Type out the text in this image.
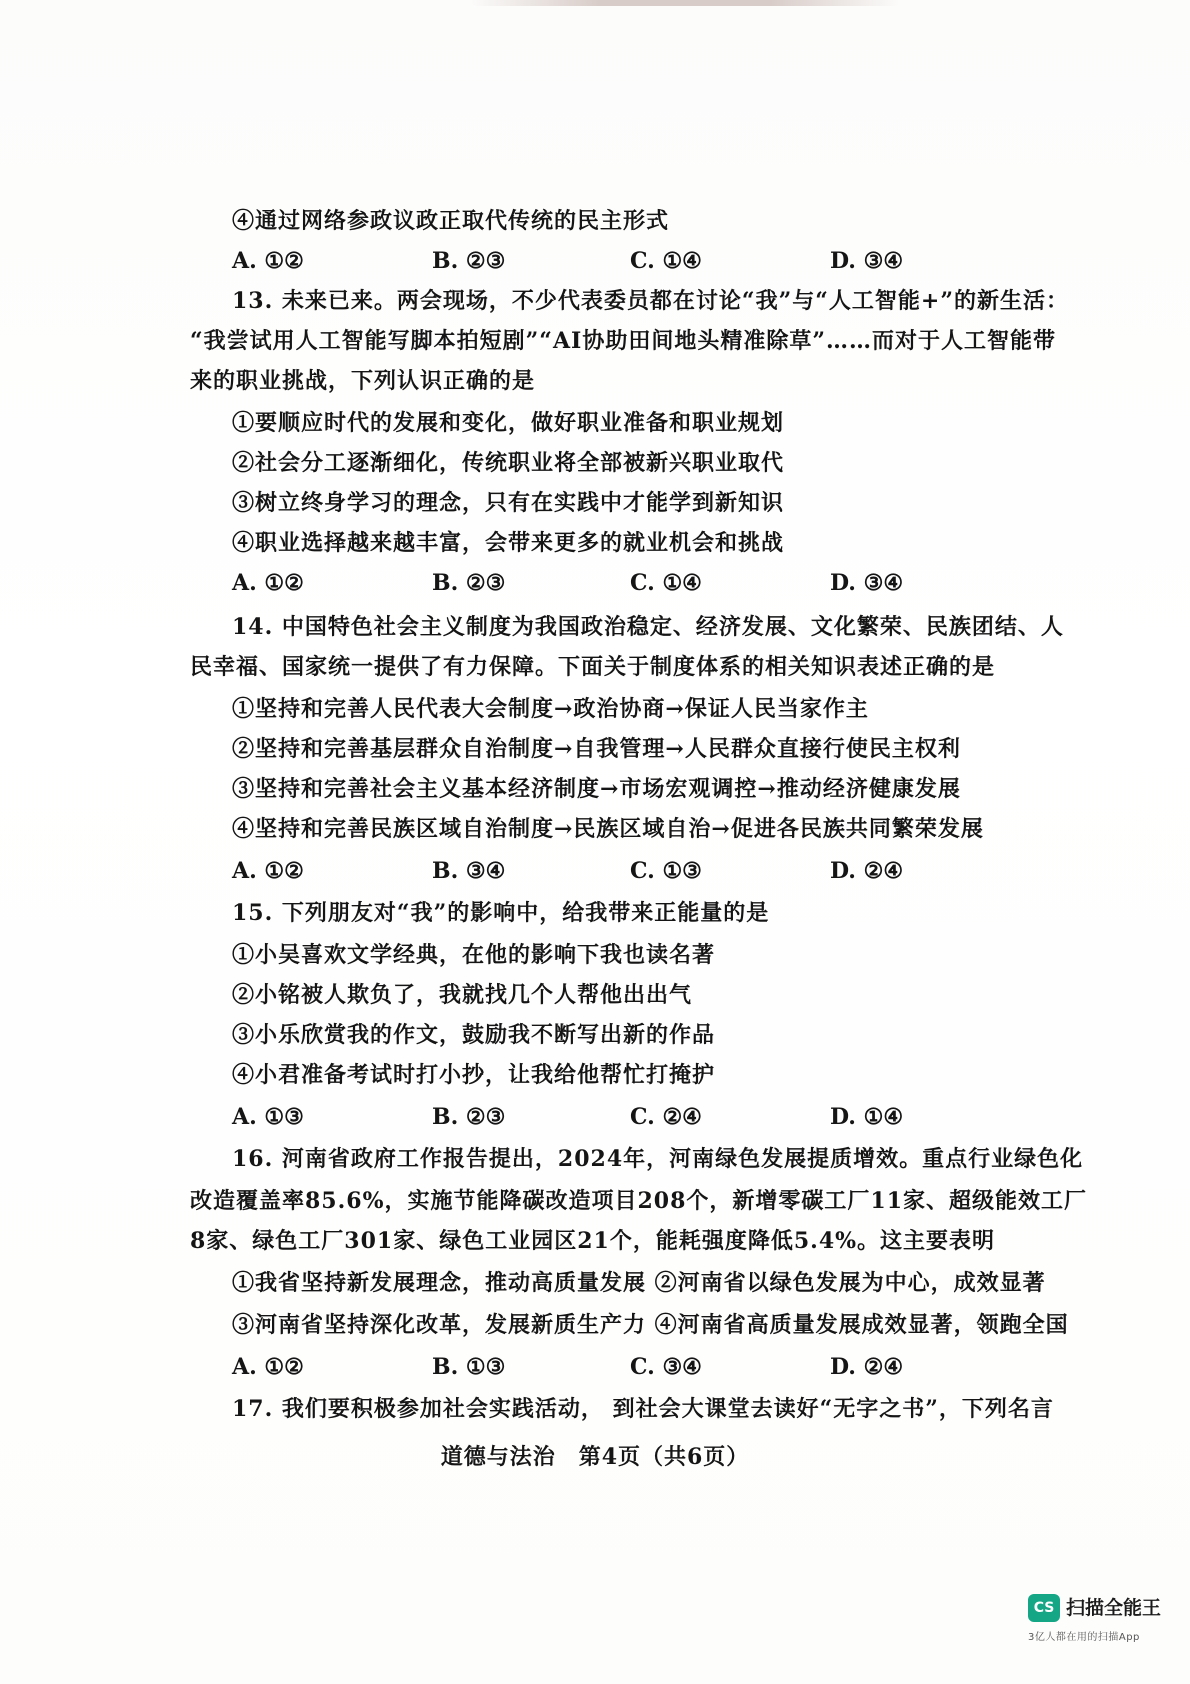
④通过网络参政议政正取代传统的民主形式
A. ①②	B. ②③	C. ①④	D. ③④
13. 未来已来。两会现场，不少代表委员都在讨论“我”与“人工智能+”的新生活：
“我尝试用人工智能写脚本拍短剧”“AI协助田间地头精准除草”……而对于人工智能带
来的职业挑战，下列认识正确的是
①要顺应时代的发展和变化，做好职业准备和职业规划
②社会分工逐渐细化，传统职业将全部被新兴职业取代
③树立终身学习的理念，只有在实践中才能学到新知识
④职业选择越来越丰富，会带来更多的就业机会和挑战
A. ①②	B. ②③	C. ①④	D. ③④
14. 中国特色社会主义制度为我国政治稳定、经济发展、文化繁荣、民族团结、人
民幸福、国家统一提供了有力保障。下面关于制度体系的相关知识表述正确的是
①坚持和完善人民代表大会制度→政治协商→保证人民当家作主
②坚持和完善基层群众自治制度→自我管理→人民群众直接行使民主权利
③坚持和完善社会主义基本经济制度→市场宏观调控→推动经济健康发展
④坚持和完善民族区域自治制度→民族区域自治→促进各民族共同繁荣发展
A. ①②	B. ③④	C. ①③	D. ②④
15. 下列朋友对“我”的影响中，给我带来正能量的是
①小吴喜欢文学经典，在他的影响下我也读名著
②小铭被人欺负了，我就找几个人帮他出出气
③小乐欣赏我的作文，鼓励我不断写出新的作品
④小君准备考试时打小抄，让我给他帮忙打掩护
A. ①③	B. ②③	C. ②④	D. ①④
16. 河南省政府工作报告提出，2024年，河南绿色发展提质增效。重点行业绿色化
改造覆盖率85.6%，实施节能降碳改造项目208个，新增零碳工厂11家、超级能效工厂
8家、绿色工厂301家、绿色工业园区21个，能耗强度降低5.4%。这主要表明
①我省坚持新发展理念，推动高质量发展 ②河南省以绿色发展为中心，成效显著
③河南省坚持深化改革，发展新质生产力 ④河南省高质量发展成效显著，领跑全国
A. ①②	B. ①③	C. ③④	D. ②④
17. 我们要积极参加社会实践活动， 到社会大课堂去读好“无字之书”，下列名言
道德与法治　第4页（共6页）
CS 扫描全能王
3亿人都在用的扫描App
